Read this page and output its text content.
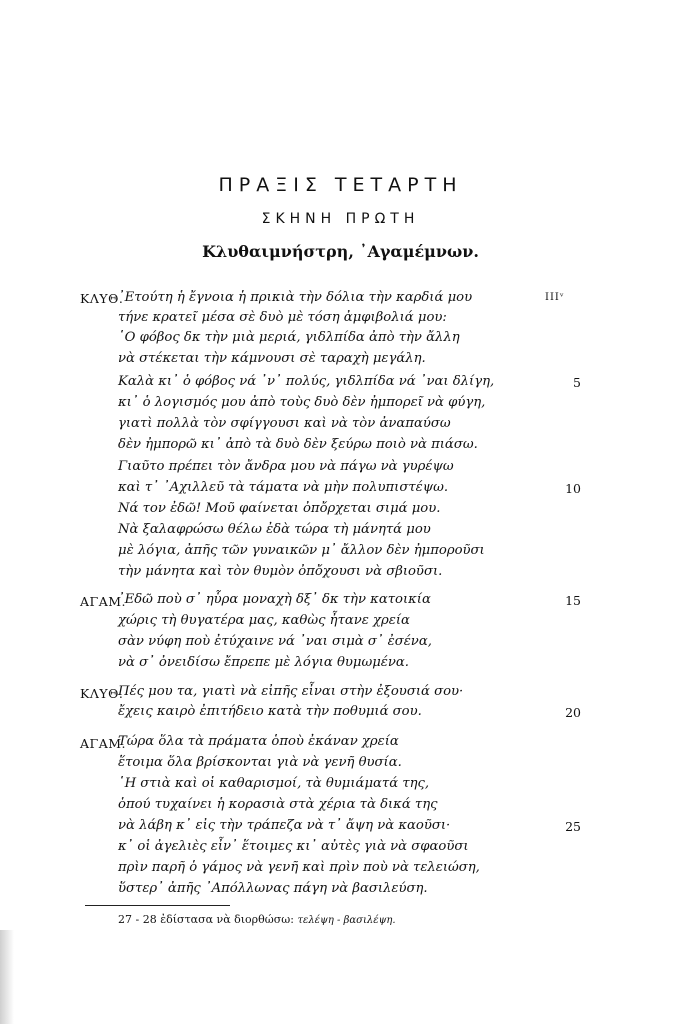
ΠΡΑΞΙΣ ΤΕΤΑΡΤΗ
ΣΚΗΝΗ ΠΡΩΤΗ
Κλυθαιμνήστρη, ᾿Αγαμέμνων.
ΙΙΙᵛ
ΚΛΥΘ.
᾿Ετούτη ἡ ἔγνοια ἡ πρικιὰ τὴν δόλια τὴν καρδιά μου
τήνε κρατεῖ μέσα σὲ δυὸ μὲ τόση ἀμφιβολιά μου:
῾Ο φόβος δκ τὴν μιὰ μεριά, γιδλπίδα ἀπὸ τὴν ἄλλη
νὰ στέκεται τὴν κάμνουσι σὲ ταραχὴ μεγάλη.
Καλὰ κι᾿ ὁ φόβος νά ᾿ν᾿ πολύς, γιδλπίδα νά ᾿ναι δλίγη,	5
κι᾿ ὁ λογισμός μου ἀπὸ τοὺς δυὸ δὲν ἠμπορεῖ νὰ φύγη,
γιατὶ πολλὰ τὸν σφίγγουσι καὶ νὰ τὸν ἀναπαύσω
δὲν ἠμπορῶ κι᾿ ἀπὸ τὰ δυὸ δὲν ξεύρω ποιὸ νὰ πιάσω.
Γιαῦτο πρέπει τὸν ἄνδρα μου νὰ πάγω νὰ γυρέψω
καὶ τ᾿ ᾿Αχιλλεῦ τὰ τάματα νὰ μὴν πολυπιστέψω.	10
Νά τον ἐδῶ! Μοῦ φαίνεται ὀπὄρχεται σιμά μου.
Νὰ ξαλαφρώσω θέλω ἐδὰ τώρα τὴ μάνητά μου
μὲ λόγια, ἀπῆς τῶν γυναικῶν μ᾿ ἄλλον δὲν ἠμποροῦσι
τὴν μάνητα καὶ τὸν θυμὸν ὀπὄχουσι νὰ σβιοῦσι.
ΑΓΑΜ.
᾿Εδῶ ποὺ σ᾿ ηὗρα μοναχὴ δξ᾿ δκ τὴν κατοικία	15
χώρις τὴ θυγατέρα μας, καθὼς ἦτανε χρεία
σὰν νύφη ποὺ ἐτύχαινε νά ᾿ναι σιμὰ σ᾿ ἐσένα,
νὰ σ᾿ ὀνειδίσω ἔπρεπε μὲ λόγια θυμωμένα.
ΚΛΥΘ.
Πές μου τα, γιατὶ νὰ εἰπῆς εἶναι στὴν ἐξουσιά σου·
ἔχεις καιρὸ ἐπιτήδειο κατὰ τὴν ποθυμιά σου.	20
ΑΓΑΜ.
Τώρα ὅλα τὰ πράματα ὁποὺ ἐκάναν χρεία
ἕτοιμα ὅλα βρίσκονται γιὰ νὰ γενῆ θυσία.
῾Η στιὰ καὶ οἱ καθαρισμοί, τὰ θυμιάματά της,
ὁπού τυχαίνει ἡ κορασιὰ στὰ χέρια τὰ δικά της
νὰ λάβη κ᾿ εἰς τὴν τράπεζα νὰ τ᾿ ἄψη νὰ καοῦσι·	25
κ᾿ οἱ ἀγελιὲς εἶν᾿ ἕτοιμες κι᾿ αὐτὲς γιὰ νὰ σφαοῦσι
πρὶν παρῆ ὁ γάμος νὰ γενῆ καὶ πρὶν ποὺ νὰ τελειώση,
ὕστερ᾿ ἀπῆς ᾿Απόλλωνας πάγη νὰ βασιλεύση.
27 - 28 ἐδίστασα νὰ διορθώσω: τελέψη - βασιλέψη.
